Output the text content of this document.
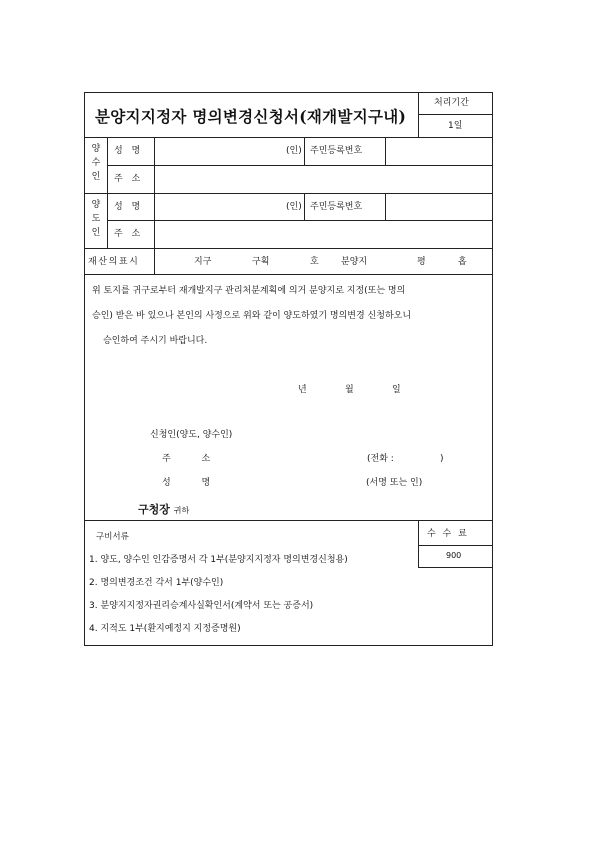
분양지지정자 명의변경신청서(재개발지구내)
처리기간
1일
양
수
인
성 명	(인) 주민등록번호
주 소
양
도
인
성 명	(인) 주민등록번호
주 소
재산의표시	지구	구획	호 분양지	평	홉
위 토지를 귀구로부터 재개발지구 관리처분계획에 의거 분양지로 지정(또는 명의
승인) 받은 바 있으나 본인의 사정으로 위와 같이 양도하였기 명의변경 신청하오니
승인하여 주시기 바랍니다.
년	월	일
신청인(양도, 양수인)
주 소	(전화 :	)
성 명	(서명 또는 인)
구청장 귀하
구비서류	수 수 료
900
1. 양도, 양수인 인감증명서 각 1부(분양지지정자 명의변경신청용)
2. 명의변경조건 각서 1부(양수인)
3. 분양지지정자권리승계사실확인서(계약서 또는 공증서)
4. 지적도 1부(환지예정지 지정증명원)
